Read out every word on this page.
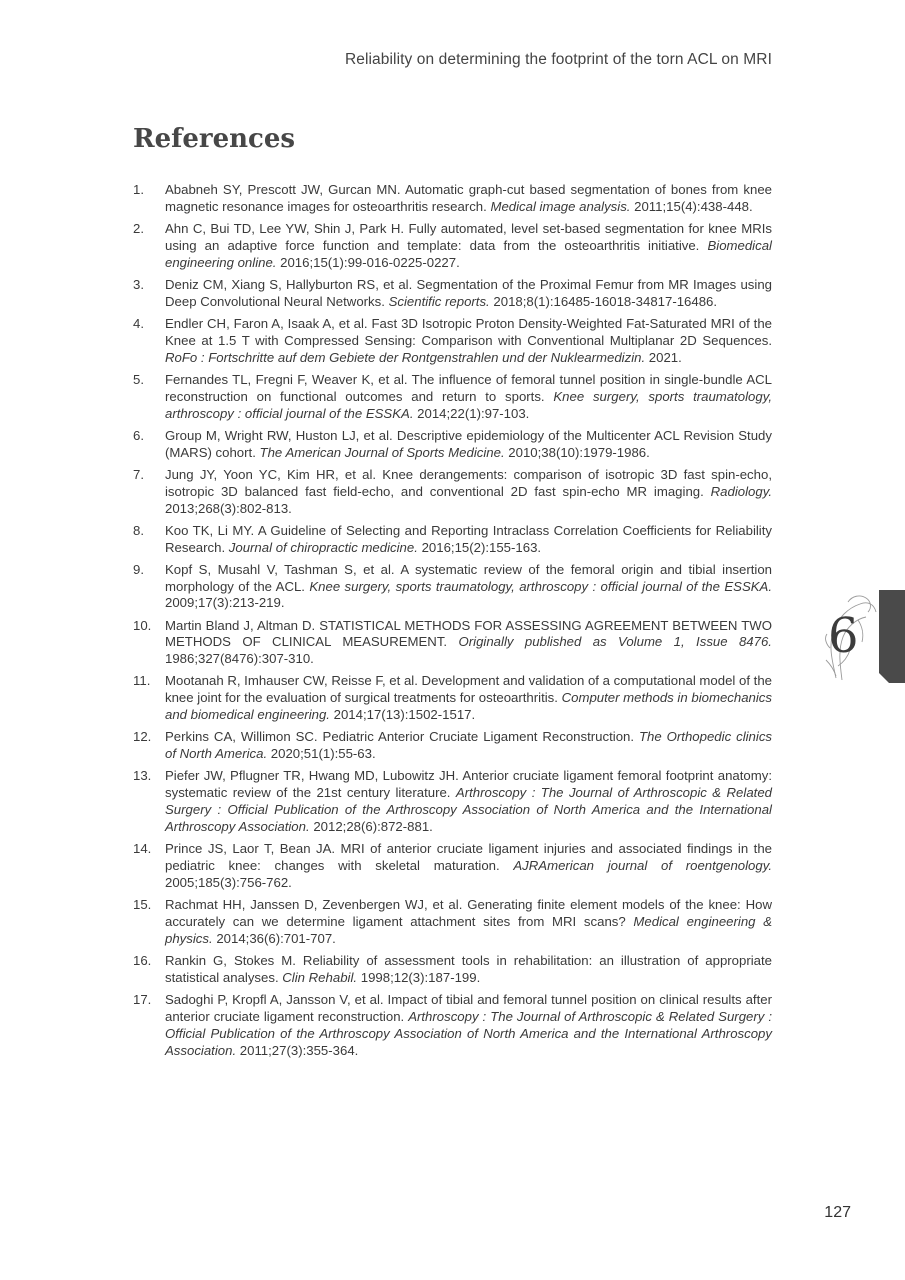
Reliability on determining the footprint of the torn ACL on MRI
References
1. Ababneh SY, Prescott JW, Gurcan MN. Automatic graph-cut based segmentation of bones from knee magnetic resonance images for osteoarthritis research. Medical image analysis. 2011;15(4):438-448.
2. Ahn C, Bui TD, Lee YW, Shin J, Park H. Fully automated, level set-based segmentation for knee MRIs using an adaptive force function and template: data from the osteoarthritis initiative. Biomedical engineering online. 2016;15(1):99-016-0225-0227.
3. Deniz CM, Xiang S, Hallyburton RS, et al. Segmentation of the Proximal Femur from MR Images using Deep Convolutional Neural Networks. Scientific reports. 2018;8(1):16485-16018-34817-16486.
4. Endler CH, Faron A, Isaak A, et al. Fast 3D Isotropic Proton Density-Weighted Fat-Saturated MRI of the Knee at 1.5 T with Compressed Sensing: Comparison with Conventional Multiplanar 2D Sequences. RoFo : Fortschritte auf dem Gebiete der Rontgenstrahlen und der Nuklearmedizin. 2021.
5. Fernandes TL, Fregni F, Weaver K, et al. The influence of femoral tunnel position in single-bundle ACL reconstruction on functional outcomes and return to sports. Knee surgery, sports traumatology, arthroscopy : official journal of the ESSKA. 2014;22(1):97-103.
6. Group M, Wright RW, Huston LJ, et al. Descriptive epidemiology of the Multicenter ACL Revision Study (MARS) cohort. The American Journal of Sports Medicine. 2010;38(10):1979-1986.
7. Jung JY, Yoon YC, Kim HR, et al. Knee derangements: comparison of isotropic 3D fast spin-echo, isotropic 3D balanced fast field-echo, and conventional 2D fast spin-echo MR imaging. Radiology. 2013;268(3):802-813.
8. Koo TK, Li MY. A Guideline of Selecting and Reporting Intraclass Correlation Coefficients for Reliability Research. Journal of chiropractic medicine. 2016;15(2):155-163.
9. Kopf S, Musahl V, Tashman S, et al. A systematic review of the femoral origin and tibial insertion morphology of the ACL. Knee surgery, sports traumatology, arthroscopy : official journal of the ESSKA. 2009;17(3):213-219.
10. Martin Bland J, Altman D. STATISTICAL METHODS FOR ASSESSING AGREEMENT BETWEEN TWO METHODS OF CLINICAL MEASUREMENT. Originally published as Volume 1, Issue 8476. 1986;327(8476):307-310.
11. Mootanah R, Imhauser CW, Reisse F, et al. Development and validation of a computational model of the knee joint for the evaluation of surgical treatments for osteoarthritis. Computer methods in biomechanics and biomedical engineering. 2014;17(13):1502-1517.
12. Perkins CA, Willimon SC. Pediatric Anterior Cruciate Ligament Reconstruction. The Orthopedic clinics of North America. 2020;51(1):55-63.
13. Piefer JW, Pflugner TR, Hwang MD, Lubowitz JH. Anterior cruciate ligament femoral footprint anatomy: systematic review of the 21st century literature. Arthroscopy : The Journal of Arthroscopic & Related Surgery : Official Publication of the Arthroscopy Association of North America and the International Arthroscopy Association. 2012;28(6):872-881.
14. Prince JS, Laor T, Bean JA. MRI of anterior cruciate ligament injuries and associated findings in the pediatric knee: changes with skeletal maturation. AJRAmerican journal of roentgenology. 2005;185(3):756-762.
15. Rachmat HH, Janssen D, Zevenbergen WJ, et al. Generating finite element models of the knee: How accurately can we determine ligament attachment sites from MRI scans? Medical engineering & physics. 2014;36(6):701-707.
16. Rankin G, Stokes M. Reliability of assessment tools in rehabilitation: an illustration of appropriate statistical analyses. Clin Rehabil. 1998;12(3):187-199.
17. Sadoghi P, Kropfl A, Jansson V, et al. Impact of tibial and femoral tunnel position on clinical results after anterior cruciate ligament reconstruction. Arthroscopy : The Journal of Arthroscopic & Related Surgery : Official Publication of the Arthroscopy Association of North America and the International Arthroscopy Association. 2011;27(3):355-364.
6
127
